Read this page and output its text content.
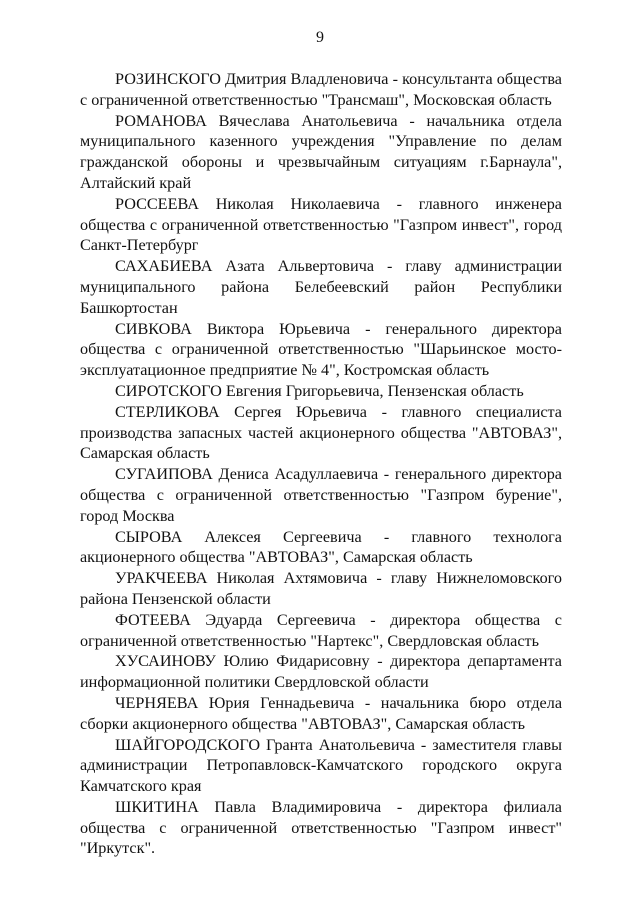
9

РОЗИНСКОГО Дмитрия Владленовича - консультанта общества с ограниченной ответственностью "Трансмаш", Московская область

РОМАНОВА Вячеслава Анатольевича - начальника отдела муниципального казенного учреждения "Управление по делам гражданской обороны и чрезвычайным ситуациям г.Барнаула", Алтайский край

РОССЕЕВА Николая Николаевича - главного инженера общества с ограниченной ответственностью "Газпром инвест", город Санкт-Петербург

САХАБИЕВА Азата Альвертовича - главу администрации муниципального района Белебеевский район Республики Башкортостан

СИВКОВА Виктора Юрьевича - генерального директора общества с ограниченной ответственностью "Шарьинское мосто-эксплуатационное предприятие № 4", Костромская область

СИРОТСКОГО Евгения Григорьевича, Пензенская область

СТЕРЛИКОВА Сергея Юрьевича - главного специалиста производства запасных частей акционерного общества "АВТОВАЗ", Самарская область

СУГАИПОВА Дениса Асадуллаевича - генерального директора общества с ограниченной ответственностью "Газпром бурение", город Москва

СЫРОВА Алексея Сергеевича - главного технолога акционерного общества "АВТОВАЗ", Самарская область

УРАКЧЕЕВА Николая Ахтямовича - главу Нижнеломовского района Пензенской области

ФОТЕЕВА Эдуарда Сергеевича - директора общества с ограниченной ответственностью "Нартекс", Свердловская область

ХУСАИНОВУ Юлию Фидарисовну - директора департамента информационной политики Свердловской области

ЧЕРНЯЕВА Юрия Геннадьевича - начальника бюро отдела сборки акционерного общества "АВТОВАЗ", Самарская область

ШАЙГОРОДСКОГО Гранта Анатольевича - заместителя главы администрации Петропавловск-Камчатского городского округа Камчатского края

ШКИТИНА Павла Владимировича - директора филиала общества с ограниченной ответственностью "Газпром инвест" "Иркутск".
